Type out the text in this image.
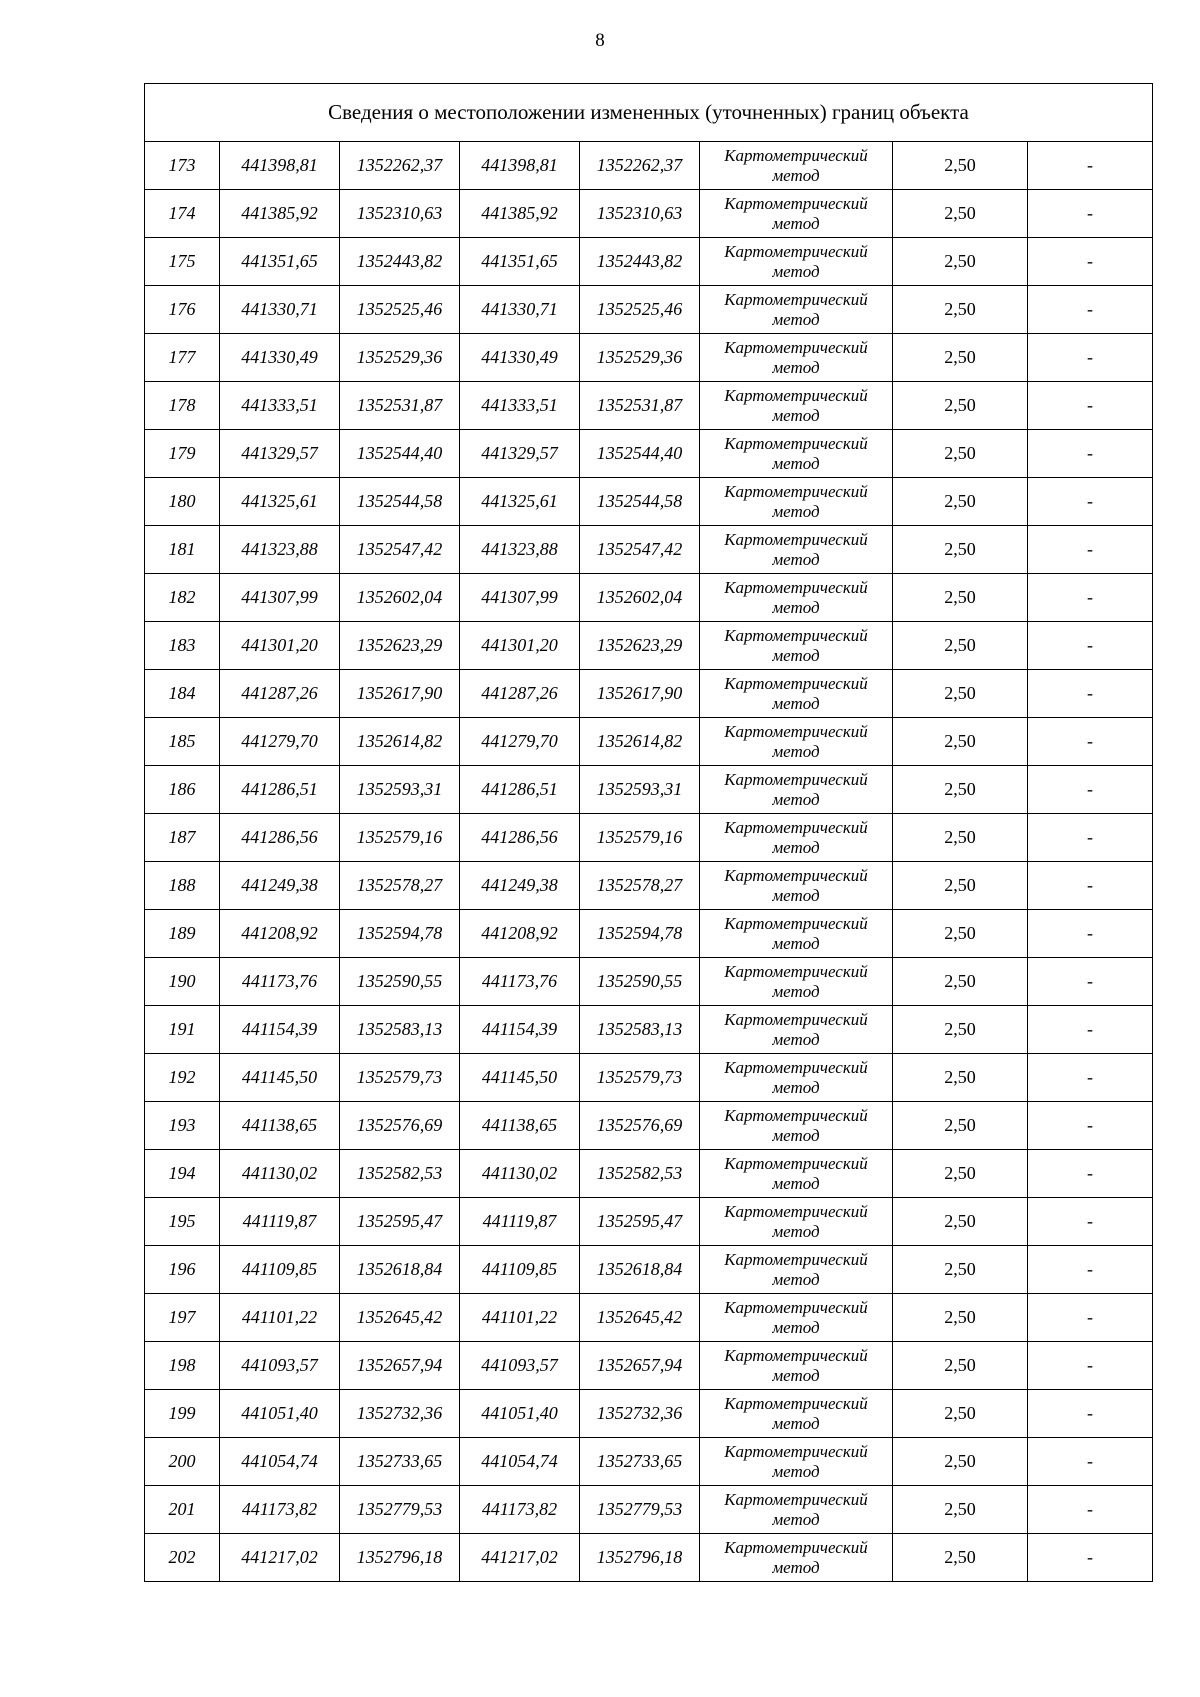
8
Сведения о местоположении измененных (уточненных) границ объекта							
173	441398,81	1352262,37	441398,81	1352262,37	Картометрический метод	2,50	-
174	441385,92	1352310,63	441385,92	1352310,63	Картометрический метод	2,50	-
175	441351,65	1352443,82	441351,65	1352443,82	Картометрический метод	2,50	-
176	441330,71	1352525,46	441330,71	1352525,46	Картометрический метод	2,50	-
177	441330,49	1352529,36	441330,49	1352529,36	Картометрический метод	2,50	-
178	441333,51	1352531,87	441333,51	1352531,87	Картометрический метод	2,50	-
179	441329,57	1352544,40	441329,57	1352544,40	Картометрический метод	2,50	-
180	441325,61	1352544,58	441325,61	1352544,58	Картометрический метод	2,50	-
181	441323,88	1352547,42	441323,88	1352547,42	Картометрический метод	2,50	-
182	441307,99	1352602,04	441307,99	1352602,04	Картометрический метод	2,50	-
183	441301,20	1352623,29	441301,20	1352623,29	Картометрический метод	2,50	-
184	441287,26	1352617,90	441287,26	1352617,90	Картометрический метод	2,50	-
185	441279,70	1352614,82	441279,70	1352614,82	Картометрический метод	2,50	-
186	441286,51	1352593,31	441286,51	1352593,31	Картометрический метод	2,50	-
187	441286,56	1352579,16	441286,56	1352579,16	Картометрический метод	2,50	-
188	441249,38	1352578,27	441249,38	1352578,27	Картометрический метод	2,50	-
189	441208,92	1352594,78	441208,92	1352594,78	Картометрический метод	2,50	-
190	441173,76	1352590,55	441173,76	1352590,55	Картометрический метод	2,50	-
191	441154,39	1352583,13	441154,39	1352583,13	Картометрический метод	2,50	-
192	441145,50	1352579,73	441145,50	1352579,73	Картометрический метод	2,50	-
193	441138,65	1352576,69	441138,65	1352576,69	Картометрический метод	2,50	-
194	441130,02	1352582,53	441130,02	1352582,53	Картометрический метод	2,50	-
195	441119,87	1352595,47	441119,87	1352595,47	Картометрический метод	2,50	-
196	441109,85	1352618,84	441109,85	1352618,84	Картометрический метод	2,50	-
197	441101,22	1352645,42	441101,22	1352645,42	Картометрический метод	2,50	-
198	441093,57	1352657,94	441093,57	1352657,94	Картометрический метод	2,50	-
199	441051,40	1352732,36	441051,40	1352732,36	Картометрический метод	2,50	-
200	441054,74	1352733,65	441054,74	1352733,65	Картометрический метод	2,50	-
201	441173,82	1352779,53	441173,82	1352779,53	Картометрический метод	2,50	-
202	441217,02	1352796,18	441217,02	1352796,18	Картометрический метод	2,50	-
